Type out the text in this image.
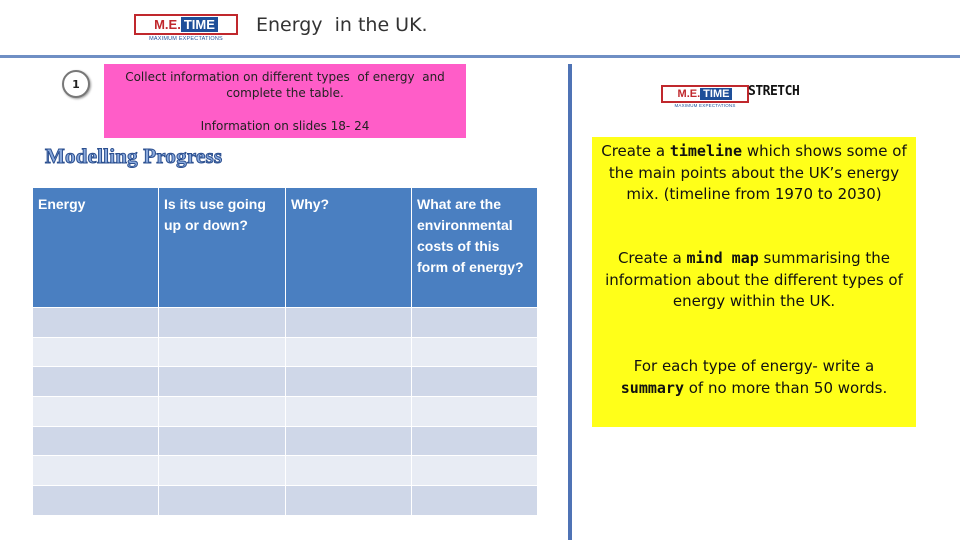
M.E. TIME
MAXIMUM EXPECTATIONS
Energy  in the UK.
1	Collect information on different types  of energy  and complete the table.
Information on slides 18- 24
Modelling Progress
Energy	Is its use going up or down?	Why?	What are the environmental costs of this form of energy?

M.E. TIME
MAXIMUM EXPECTATIONS
STRETCH

Create a timeline which shows some of the main points about the UK’s energy mix. (timeline from 1970 to 2030)

Create a mind map summarising the information about the different types of energy within the UK.

For each type of energy- write a summary of no more than 50 words.
